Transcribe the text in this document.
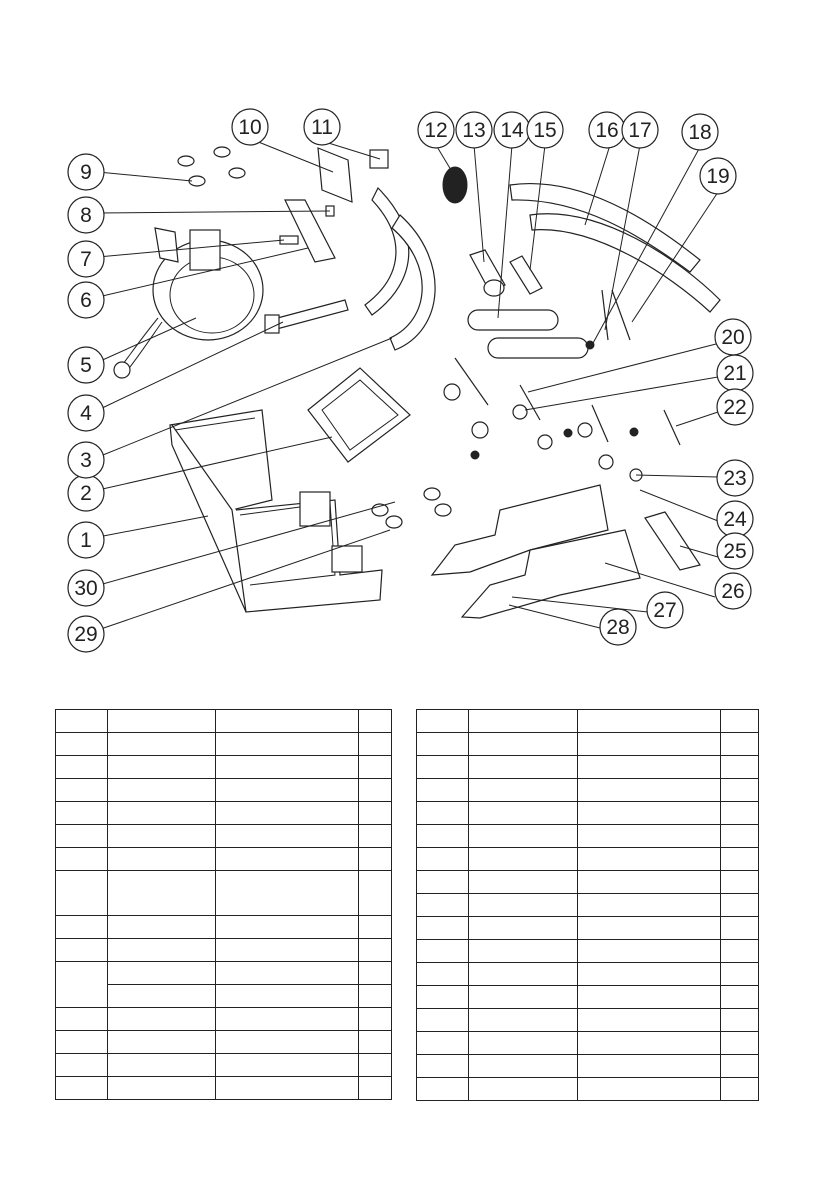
1
2
3
4
5
6
7
8
9
10 11	12 13 14 15 16 17 18
19
20
21
22
23
24
25
26
27
28
29
30
